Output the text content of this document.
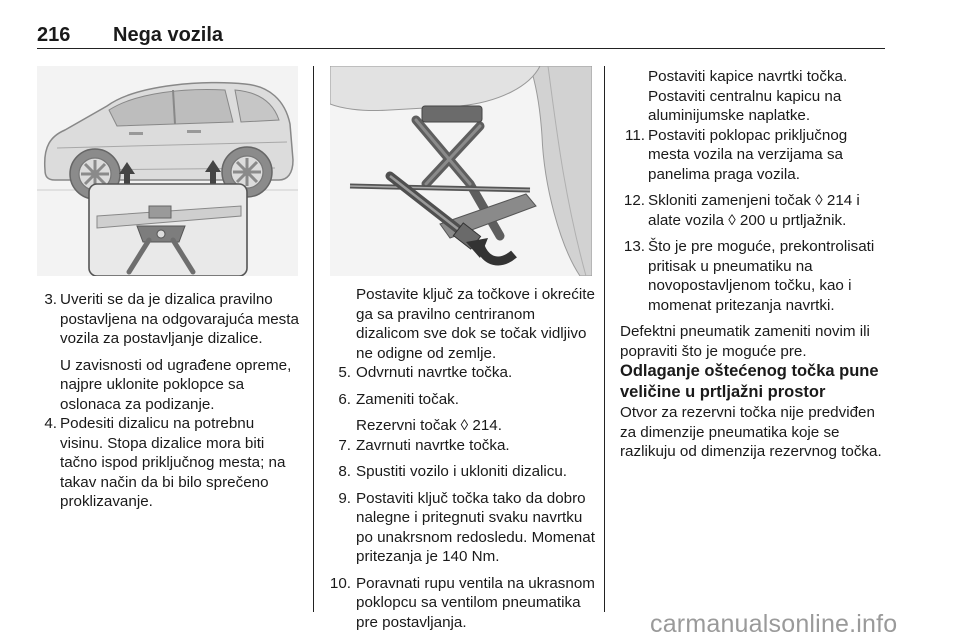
216 Nega vozila
3. Uveriti se da je dizalica pravilno postavljena na odgovarajuća mesta vozila za postavljanje dizalice.

U zavisnosti od ugrađene opreme, najpre uklonite poklopce sa oslonaca za podizanje.

4. Podesiti dizalicu na potrebnu visinu. Stopa dizalice mora biti tačno ispod priključnog mesta; na takav način da bi bilo sprečeno proklizavanje.

Postavite ključ za točkove i okrećite ga sa pravilno centriranom dizalicom sve dok se točak vidljivo ne odigne od zemlje.

5. Odvrnuti navrtke točka.

6. Zameniti točak.

Rezervni točak ◊ 214.

7. Zavrnuti navrtke točka.

8. Spustiti vozilo i ukloniti dizalicu.

9. Postaviti ključ točka tako da dobro nalegne i pritegnuti svaku navrtku po unakrsnom redosledu. Momenat pritezanja je 140 Nm.

10. Poravnati rupu ventila na ukrasnom poklopcu sa ventilom pneumatika pre postavljanja.

Postaviti kapice navrtki točka.

Postaviti centralnu kapicu na aluminijumske naplatke.

11. Postaviti poklopac priključnog mesta vozila na verzijama sa panelima praga vozila.

12. Skloniti zamenjeni točak ◊ 214 i alate vozila ◊ 200 u prtljažnik.

13. Što je pre moguće, prekontrolisati pritisak u pneumatiku na novopostavljenom točku, kao i momenat pritezanja navrtki.

Defektni pneumatik zameniti novim ili popraviti što je moguće pre.

Odlaganje oštećenog točka pune veličine u prtljažni prostor

Otvor za rezervni točka nije predviđen za dimenzije pneumatika koje se razlikuju od dimenzija rezervnog točka.

carmanualsonline.info
